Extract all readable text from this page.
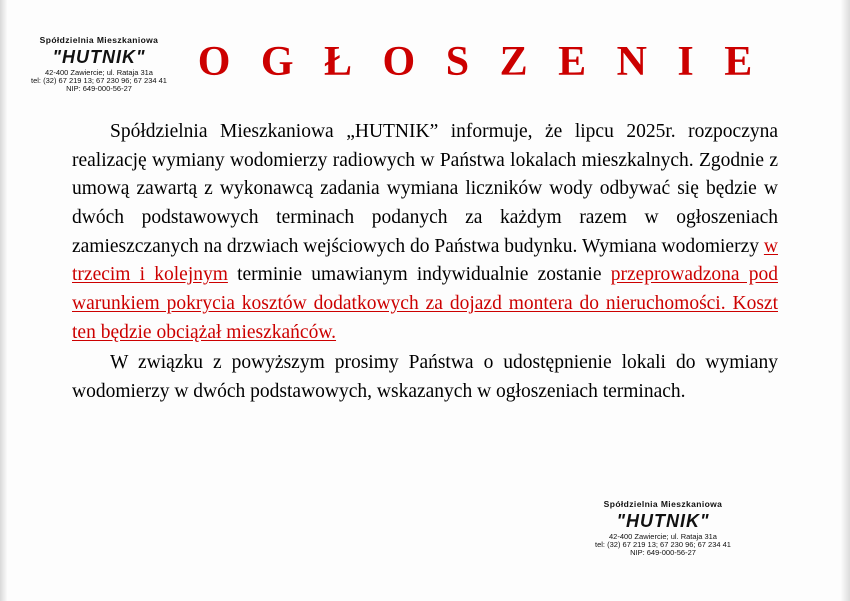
Spółdzielnia Mieszkaniowa
"HUTNIK"
42-400 Zawiercie; ul. Rataja 31a
tel: (32) 67 219 13; 67 230 96; 67 234 41
NIP: 649-000-56-27
O G Ł O S Z E N I E

Spółdzielnia Mieszkaniowa „HUTNIK” informuje, że lipcu 2025r. rozpoczyna realizację wymiany wodomierzy radiowych w Państwa lokalach mieszkalnych. Zgodnie z umową zawartą z wykonawcą zadania wymiana liczników wody odbywać się będzie w dwóch podstawowych terminach podanych za każdym razem w ogłoszeniach zamieszczanych na drzwiach wejściowych do Państwa budynku. Wymiana wodomierzy w trzecim i kolejnym terminie umawianym indywidualnie zostanie przeprowadzona pod warunkiem pokrycia kosztów dodatkowych za dojazd montera do nieruchomości. Koszt ten będzie obciążał mieszkańców.

W związku z powyższym prosimy Państwa o udostępnienie lokali do wymiany wodomierzy w dwóch podstawowych, wskazanych w ogłoszeniach terminach.

Spółdzielnia Mieszkaniowa
"HUTNIK"
42-400 Zawiercie; ul. Rataja 31a
tel: (32) 67 219 13; 67 230 96; 67 234 41
NIP: 649-000-56-27
